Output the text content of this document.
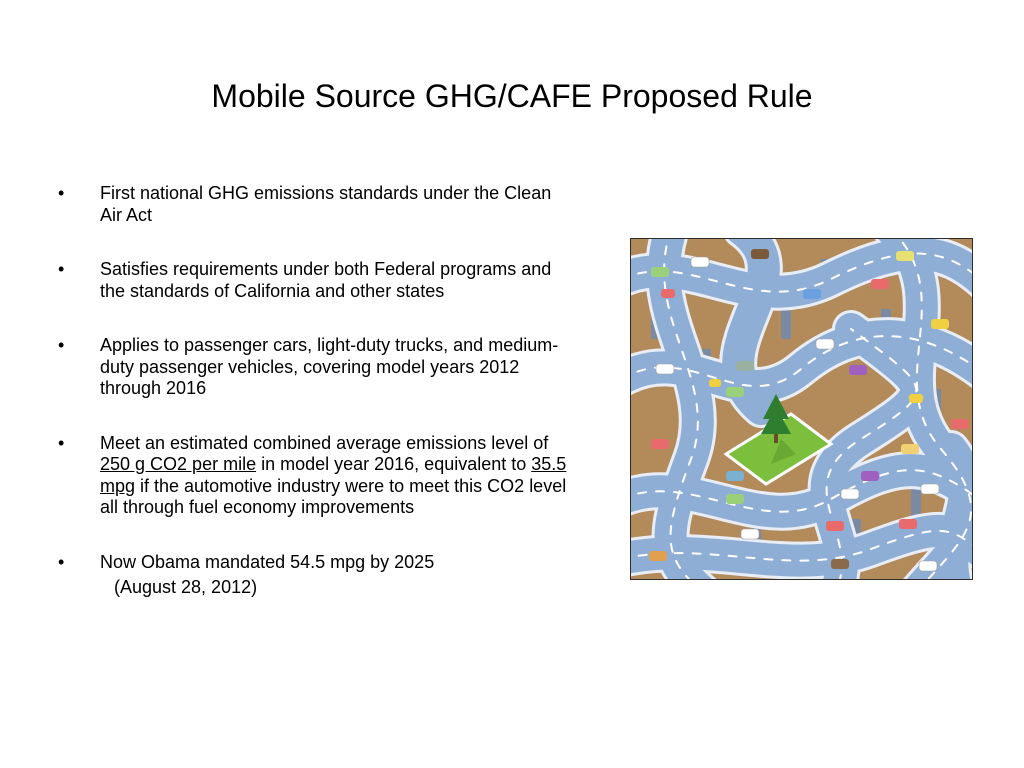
Mobile Source GHG/CAFE Proposed Rule
• First national GHG emissions standards under the Clean Air Act
• Satisfies requirements under both Federal programs and the standards of California and other states
• Applies to passenger cars, light-duty trucks, and medium-duty passenger vehicles, covering model years 2012 through 2016
• Meet an estimated combined average emissions level of 250 g CO2 per mile in model year 2016, equivalent to 35.5 mpg if the automotive industry were to meet this CO2 level all through fuel economy improvements
• Now Obama mandated 54.5 mpg by 2025
(August 28, 2012)
